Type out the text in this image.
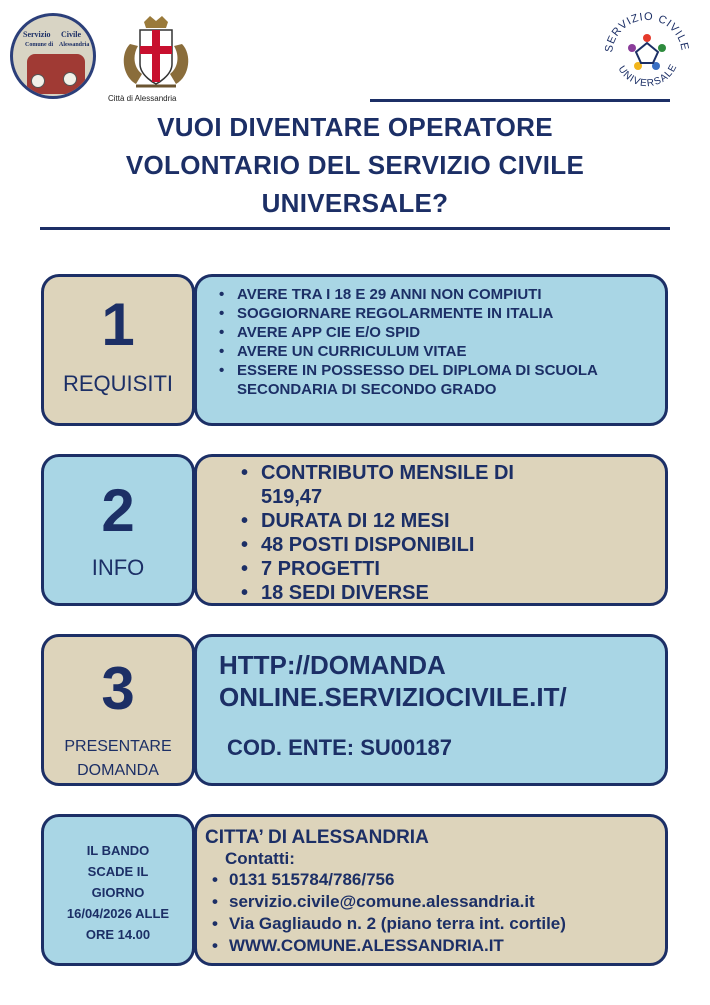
Servizio Civile
Comune di Alessandria
Città di Alessandria
SERVIZIO CIVILE
UNIVERSALE
VUOI DIVENTARE OPERATORE
VOLONTARIO DEL SERVIZIO CIVILE
UNIVERSALE?
1
REQUISITI
• AVERE TRA I 18 E 29 ANNI NON COMPIUTI
• SOGGIORNARE REGOLARMENTE IN ITALIA
• AVERE APP CIE E/O SPID
• AVERE UN CURRICULUM VITAE
• ESSERE IN POSSESSO DEL DIPLOMA DI SCUOLA SECONDARIA DI SECONDO GRADO
2
INFO
• CONTRIBUTO MENSILE DI 519,47
• DURATA DI 12 MESI
• 48 POSTI DISPONIBILI
• 7 PROGETTI
• 18 SEDI DIVERSE
3
PRESENTARE
DOMANDA
HTTP://DOMANDA
ONLINE.SERVIZIOCIVILE.IT/
COD. ENTE: SU00187
IL BANDO
SCADE IL
GIORNO
16/04/2026 ALLE
ORE 14.00
CITTA’ DI ALESSANDRIA
Contatti:
• 0131 515784/786/756
• servizio.civile@comune.alessandria.it
• Via Gagliaudo n. 2 (piano terra int. cortile)
• WWW.COMUNE.ALESSANDRIA.IT
